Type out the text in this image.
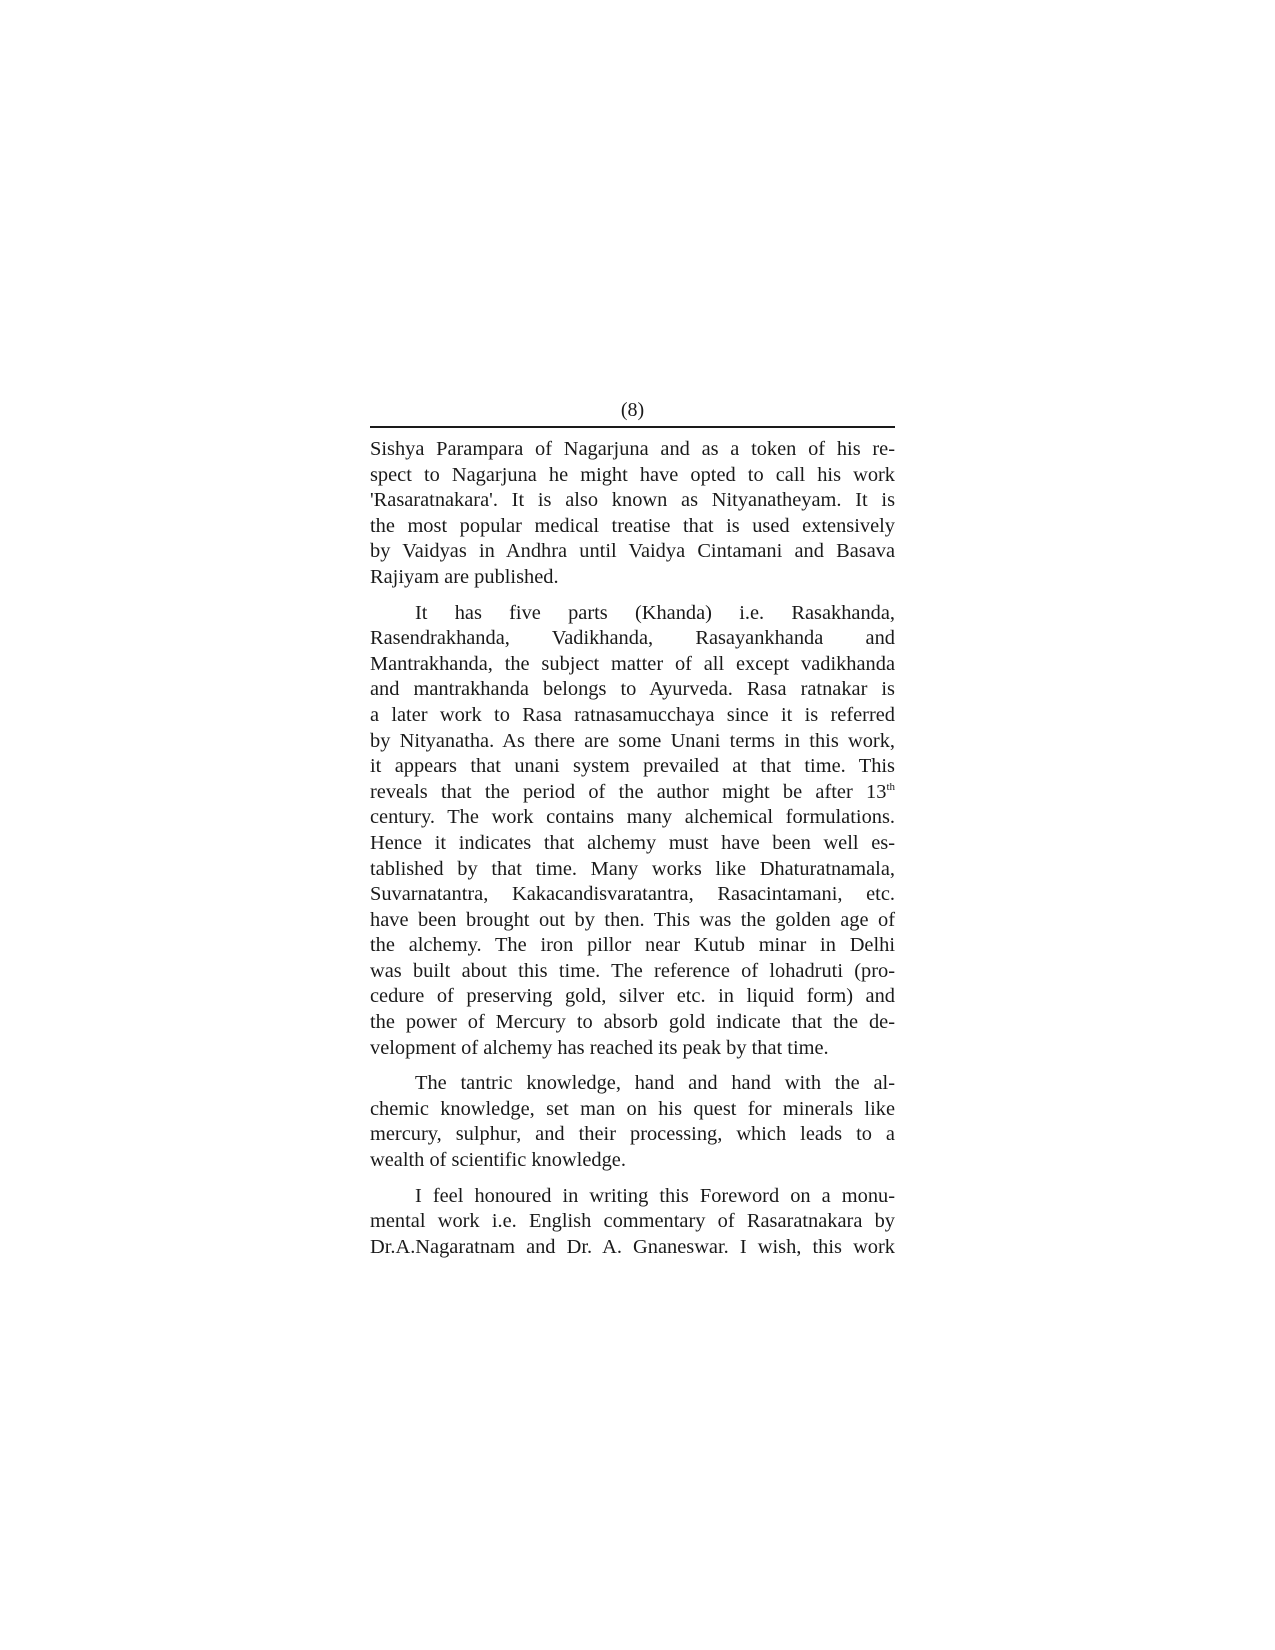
(8)
Sishya Parampara of Nagarjuna and as a token of his re-
spect to Nagarjuna he might have opted to call his work
'Rasaratnakara'. It is also known as Nityanatheyam. It is
the most popular medical treatise that is used extensively
by Vaidyas in Andhra until Vaidya Cintamani and Basava
Rajiyam are published.
It has five parts (Khanda) i.e. Rasakhanda,
Rasendrakhanda, Vadikhanda, Rasayankhanda and
Mantrakhanda, the subject matter of all except vadikhanda
and mantrakhanda belongs to Ayurveda. Rasa ratnakar is
a later work to Rasa ratnasamucchaya since it is referred
by Nityanatha. As there are some Unani terms in this work,
it appears that unani system prevailed at that time. This
reveals that the period of the author might be after 13th
century. The work contains many alchemical formulations.
Hence it indicates that alchemy must have been well es-
tablished by that time. Many works like Dhaturatnamala,
Suvarnatantra, Kakacandisvaratantra, Rasacintamani, etc.
have been brought out by then. This was the golden age of
the alchemy. The iron pillor near Kutub minar in Delhi
was built about this time. The reference of lohadruti (pro-
cedure of preserving gold, silver etc. in liquid form) and
the power of Mercury to absorb gold indicate that the de-
velopment of alchemy has reached its peak by that time.
The tantric knowledge, hand and hand with the al-
chemic knowledge, set man on his quest for minerals like
mercury, sulphur, and their processing, which leads to a
wealth of scientific knowledge.
I feel honoured in writing this Foreword on a monu-
mental work i.e. English commentary of Rasaratnakara by
Dr.A.Nagaratnam and Dr. A. Gnaneswar. I wish, this work
